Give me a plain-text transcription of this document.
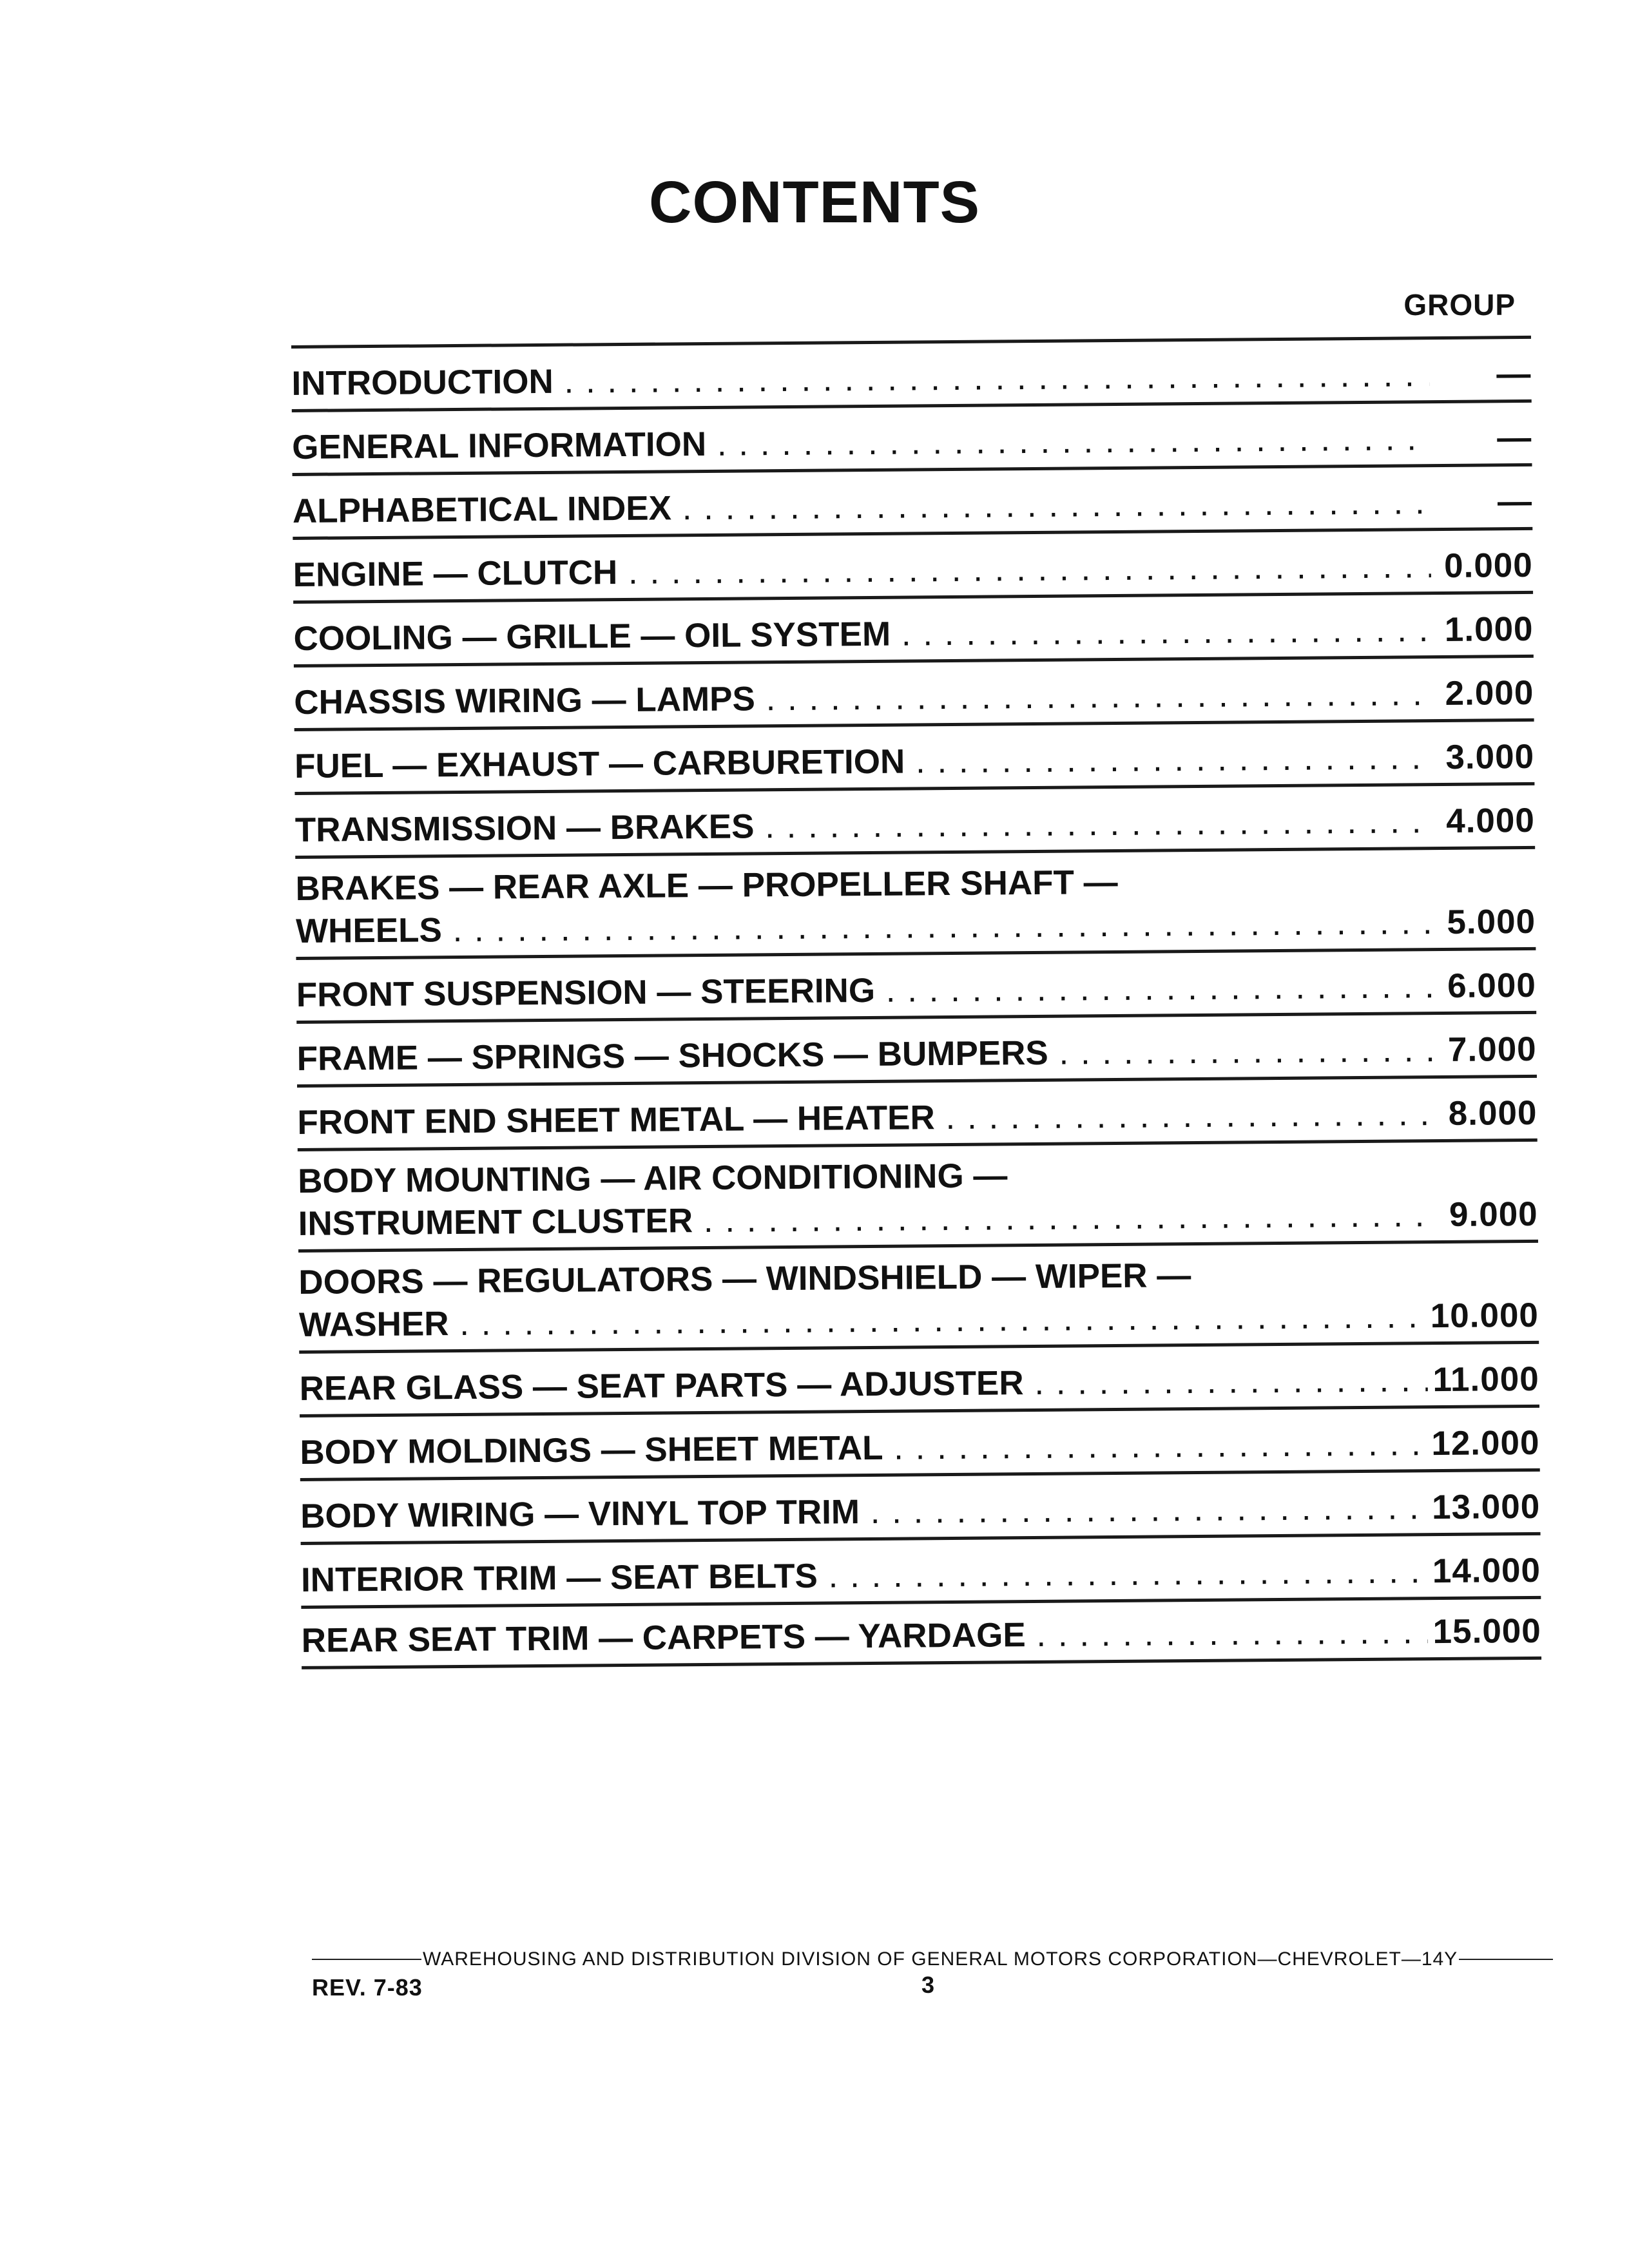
CONTENTS
GROUP
INTRODUCTION . . .	—
GENERAL INFORMATION . . .	—
ALPHABETICAL INDEX . . .	—
ENGINE — CLUTCH . . .	0.000
COOLING — GRILLE — OIL SYSTEM . . .	1.000
CHASSIS WIRING — LAMPS . . .	2.000
FUEL — EXHAUST — CARBURETION . . .	3.000
TRANSMISSION — BRAKES . . .	4.000
BRAKES — REAR AXLE — PROPELLER SHAFT —
WHEELS . . .	5.000
FRONT SUSPENSION — STEERING . . .	6.000
FRAME — SPRINGS — SHOCKS — BUMPERS . . .	7.000
FRONT END SHEET METAL — HEATER . . .	8.000
BODY MOUNTING — AIR CONDITIONING —
INSTRUMENT CLUSTER . . .	9.000
DOORS — REGULATORS — WINDSHIELD — WIPER —
WASHER . . .	10.000
REAR GLASS — SEAT PARTS — ADJUSTER . . .	11.000
BODY MOLDINGS — SHEET METAL . . .	12.000
BODY WIRING — VINYL TOP TRIM . . .	13.000
INTERIOR TRIM — SEAT BELTS . . .	14.000
REAR SEAT TRIM — CARPETS — YARDAGE . . .	15.000
WAREHOUSING AND DISTRIBUTION DIVISION OF GENERAL MOTORS CORPORATION—CHEVROLET—14Y
REV. 7-83	3
